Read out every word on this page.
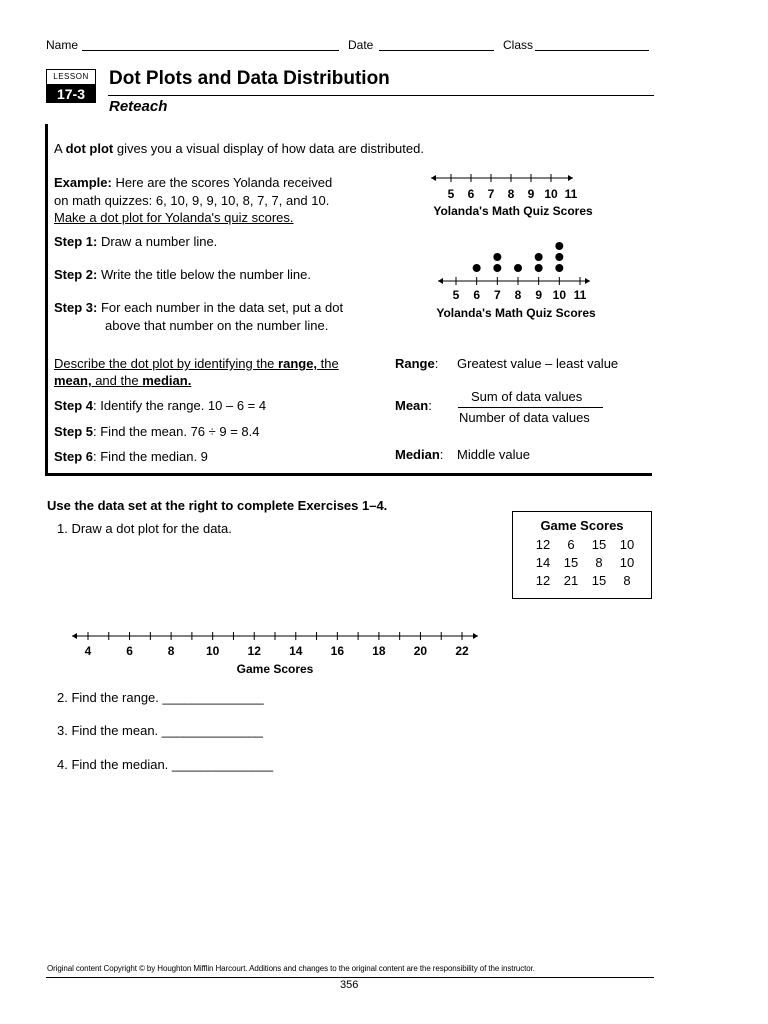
Name	Date	Class
LESSON
17-3
Dot Plots and Data Distribution
Reteach
A dot plot gives you a visual display of how data are distributed.
Example: Here are the scores Yolanda received
on math quizzes: 6, 10, 9, 9, 10, 8, 7, 7, and 10.
Make a dot plot for Yolanda's quiz scores.
Step 1: Draw a number line.
Step 2: Write the title below the number line.
Step 3: For each number in the data set, put a dot
above that number on the number line.
Describe the dot plot by identifying the range, the
mean, and the median.
Step 4: Identify the range. 10 – 6 = 4
Step 5: Find the mean. 76 ÷ 9 = 8.4
Step 6: Find the median. 9
Range: Greatest value – least value
Mean:
Sum of data values
Number of data values
Median: Middle value
Yolanda's Math Quiz Scores
5 6 7 8 9 10 11
Yolanda's Math Quiz Scores
5 6 7 8 9 10 11
Use the data set at the right to complete Exercises 1–4.
1. Draw a dot plot for the data.	Game Scores
12 6 15 10
14 15 8 10
12 21 15 8
Game Scores
4	6	8	10 12 14 16 18 20 22
2. Find the range. ______________
3. Find the mean. ______________
4. Find the median. ______________
Original content Copyright © by Houghton Mifflin Harcourt. Additions and changes to the original content are the responsibility of the instructor.
356
